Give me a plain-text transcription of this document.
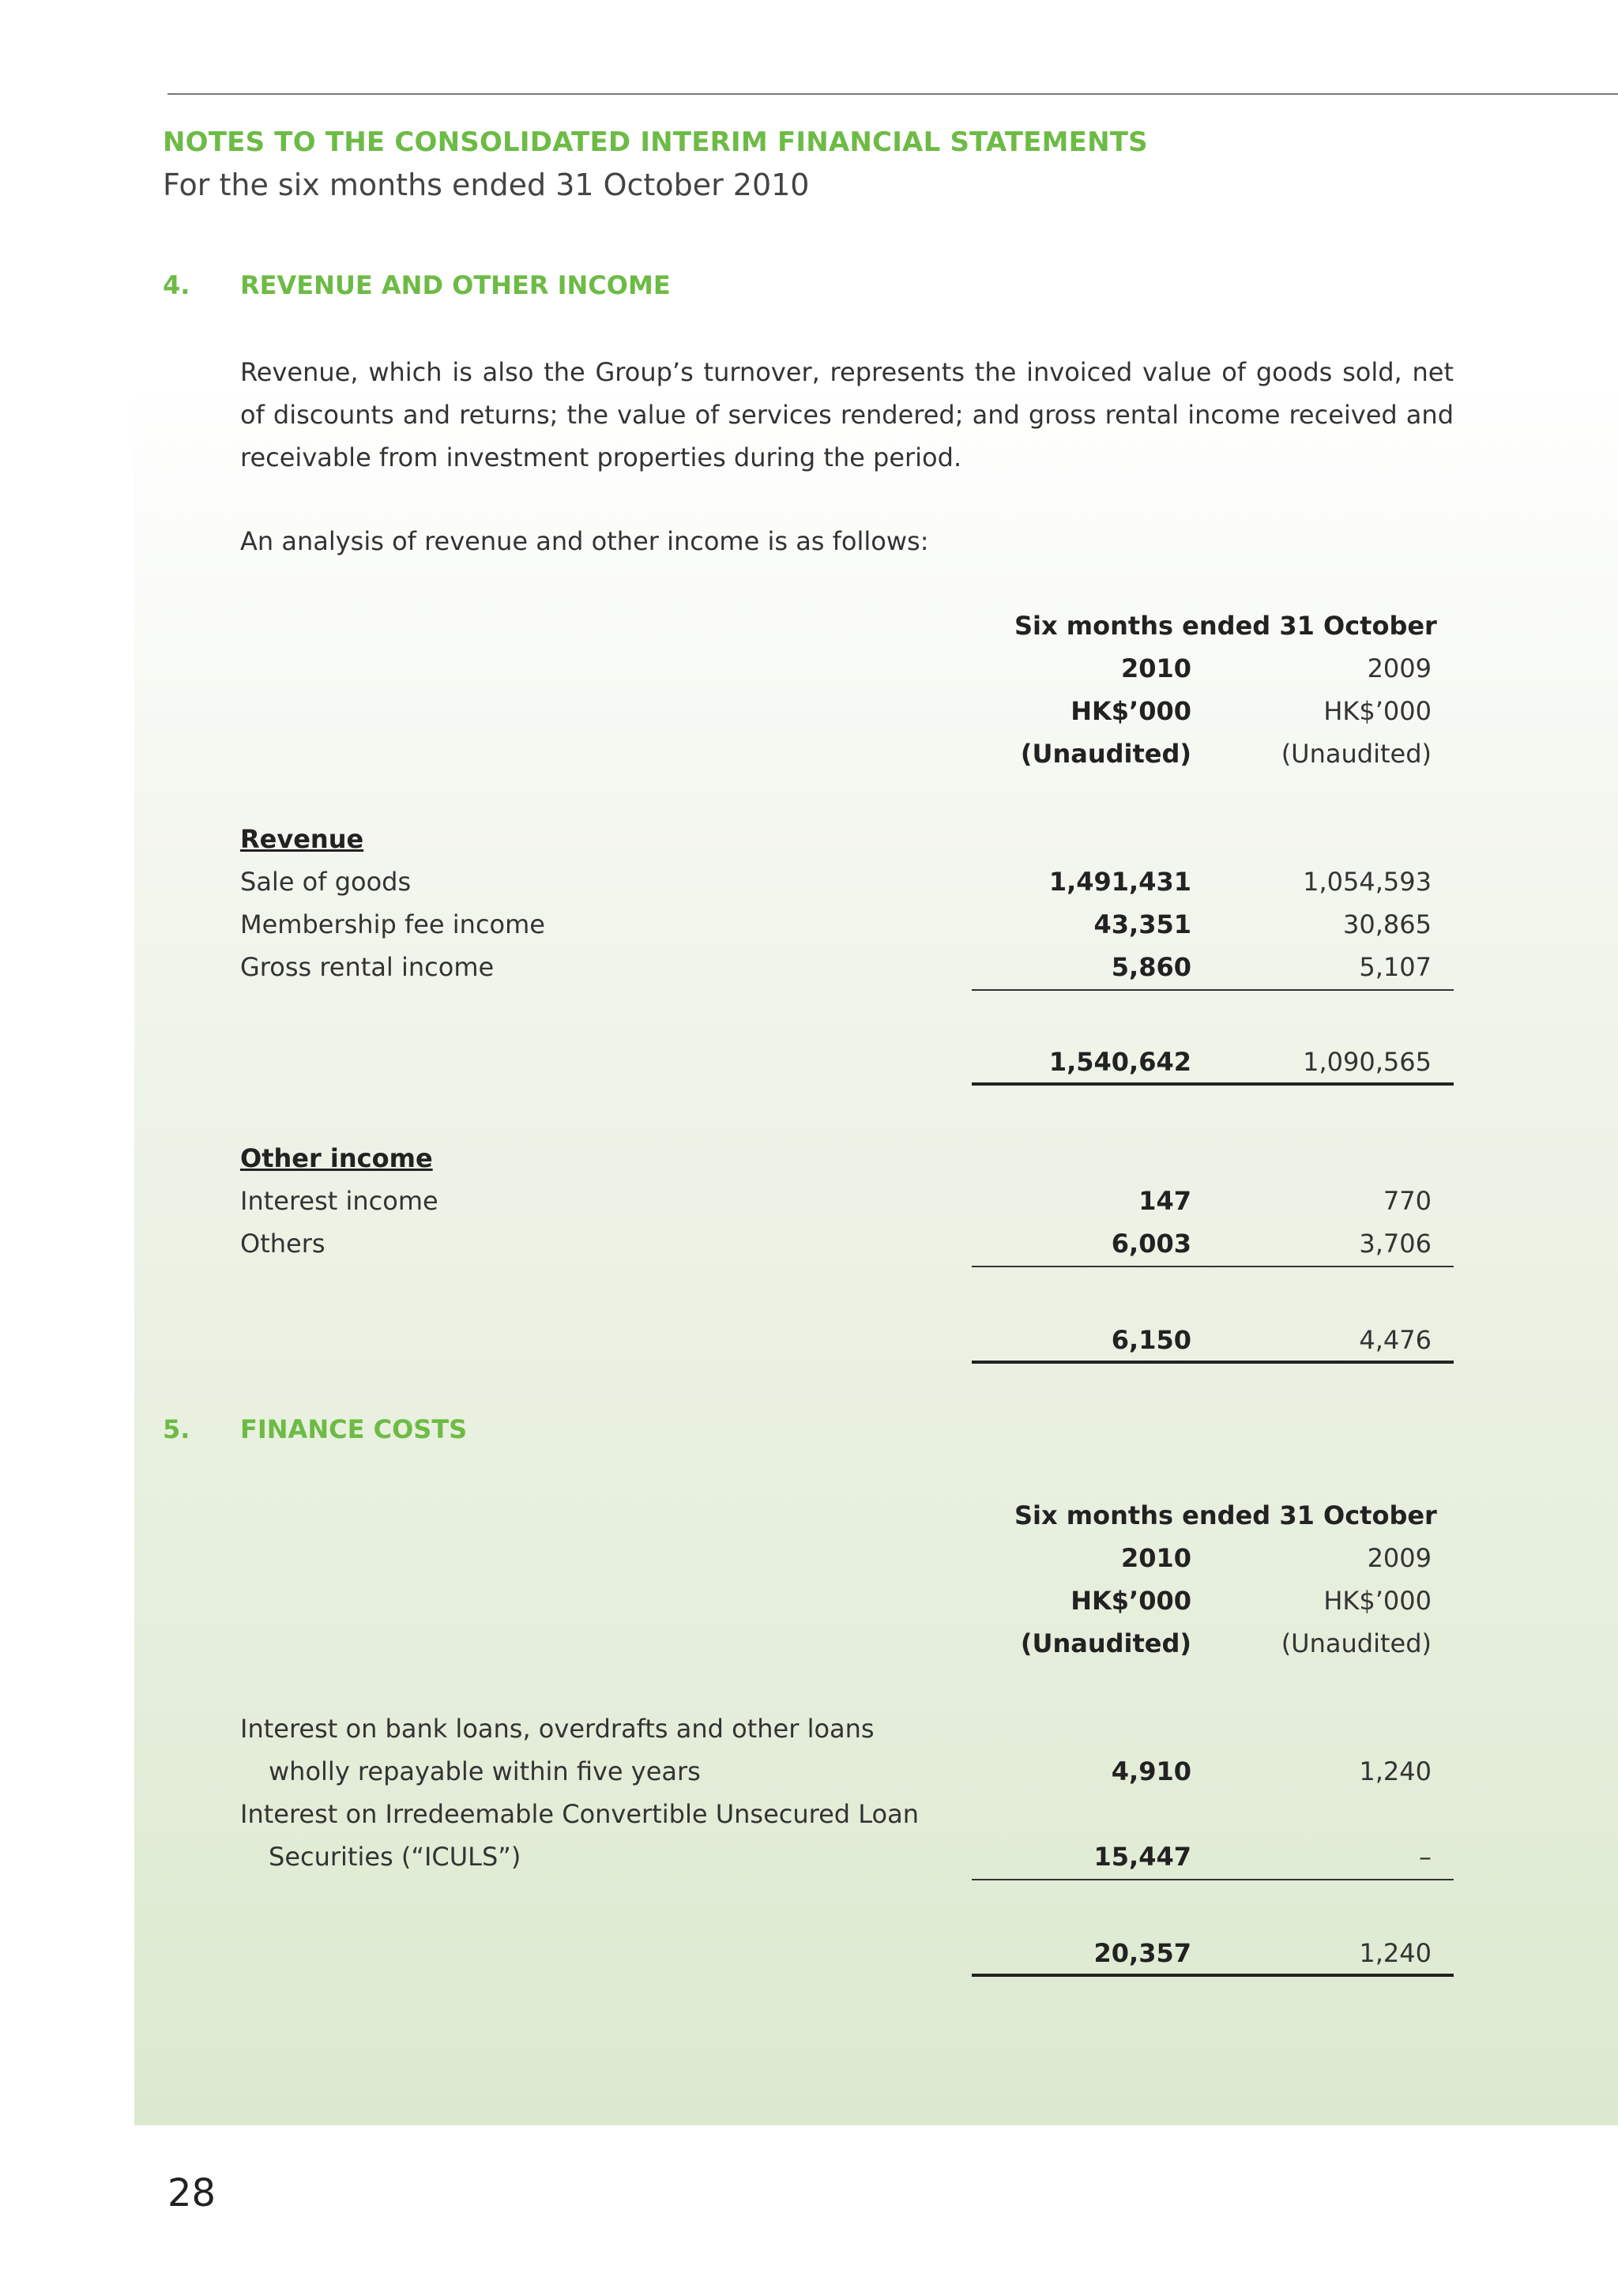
NOTES TO THE CONSOLIDATED INTERIM FINANCIAL STATEMENTS

For the six months ended 31 October 2010

4. REVENUE AND OTHER INCOME

Revenue, which is also the Group’s turnover, represents the invoiced value of goods sold, net of discounts and returns; the value of services rendered; and gross rental income received and receivable from investment properties during the period.

An analysis of revenue and other income is as follows:

Six months ended 31 October
2010	2009
HK$’000	HK$’000
(Unaudited)	(Unaudited)
Revenue
Sale of goods	1,491,431	1,054,593
Membership fee income	43,351	30,865
Gross rental income	5,860	5,107
1,540,642	1,090,565
Other income
Interest income	147	770
Others	6,003	3,706
6,150	4,476
5. FINANCE COSTS
Six months ended 31 October
2010	2009
HK$’000	HK$’000
(Unaudited)	(Unaudited)
Interest on bank loans, overdrafts and other loans
wholly repayable within five years	4,910	1,240
Interest on Irredeemable Convertible Unsecured Loan
Securities (“ICULS”)	15,447	–
20,357	1,240
28
